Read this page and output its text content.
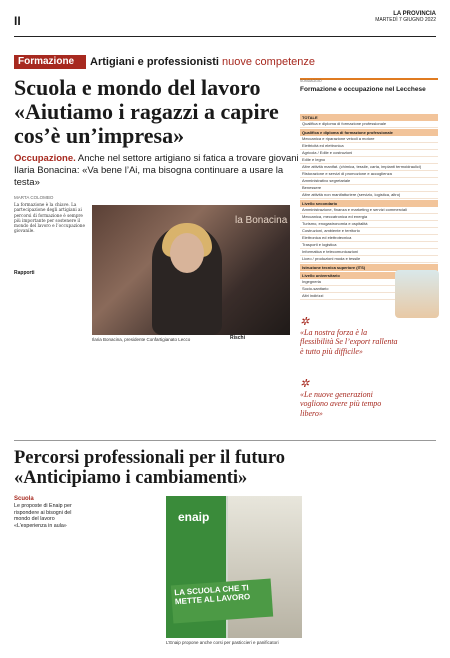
II	LA PROVINCIA
MARTEDÌ 7 GIUGNO 2022
Formazione	Artigiani e professionisti nuove competenze
Scuola e mondo del lavoro «Aiutiamo i ragazzi a capire cos’è un’impresa»
Occupazione. Anche nel settore artigiano si fatica a trovare giovani Ilaria Bonacina: «Va bene l’Ai, ma bisogna continuare a usare la testa»
MARTA COLOMBO
La formazione è la chiave. La partecipazione degli artigiani ai percorsi di formazione è sempre più importante per sostenere il mondo del lavoro e l’occupazione giovanile.
Rapporti
Rischi
la Bonacina
Ilaria Bonacina, presidente Confartigianato Lecco
SONDAGGIO
Formazione e occupazione nel Lecchese
TOTALE
Qualifica e diploma di formazione professionale
Qualifica e diploma di formazione professionale
Meccanica e riparazione veicoli a motore
Elettricità ed elettronica
Agricola / Edile e costruzioni
Edile e legno
Altre attività manifat. (chimica, tessile, carta, impianti termoidraulici)
Ristorazione e servizi di promozione e accoglienza
Amministrativo segretariale
Benessere
Altre attività non manifatturiere (servizio, logistica, altro)
Livello secondario
Amministrazione, finanza e marketing e servizi commerciali
Meccanica, meccatronica ed energia
Turismo, enogastronomia e ospitalità
Costruzioni, ambiente e territorio
Elettronica ed elettrotecnica
Trasporti e logistica
Informatica e telecomunicazioni
Liceo / produzioni moda e tessile
Istruzione tecnica superiore (ITS)
Livello universitario
Ingegneria
Socio-sanitario
Altri indirizzi
✲
«La nostra forza è la flessibilità Se l’export rallenta è tutto più difficile»
✲
«Le nuove generazioni vogliono avere più tempo libero»
Percorsi professionali per il futuro «Anticipiamo i cambiamenti»
Scuola
Le proposte di Enaip per rispondere ai bisogni del mondo del lavoro «L’esperienza in aula»
enaip
LA SCUOLA CHE TI METTE AL LAVORO
L’Enaip propone anche corsi per pasticcieri e panificatori
